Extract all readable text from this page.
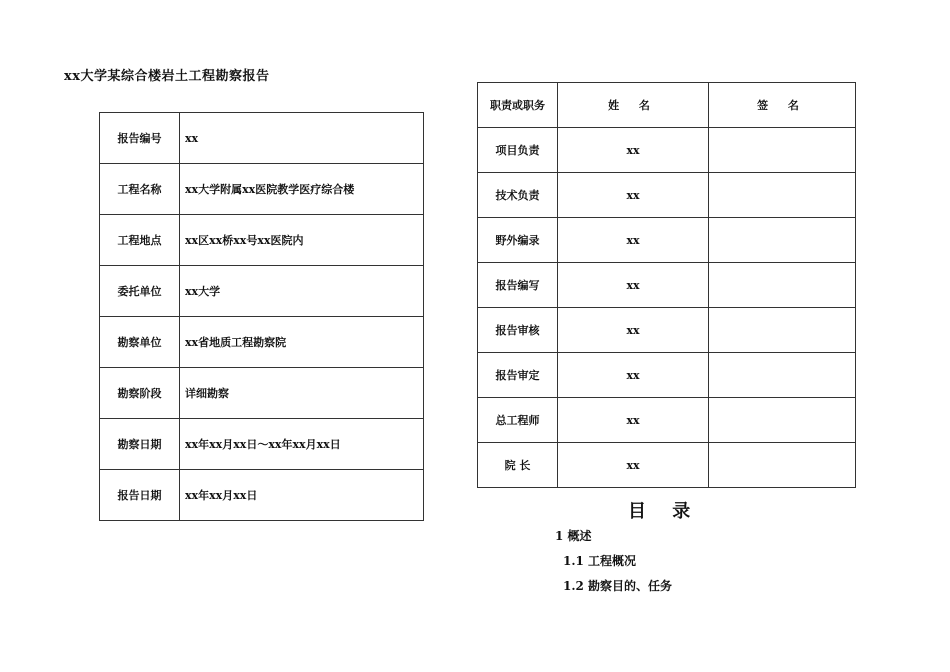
xx大学某综合楼岩土工程勘察报告
报告编号	xx
工程名称	xx大学附属xx医院教学医疗综合楼
工程地点	xx区xx桥xx号xx医院内
委托单位	xx大学
勘察单位	xx省地质工程勘察院
勘察阶段	详细勘察
勘察日期	xx年xx月xx日～xx年xx月xx日
报告日期	xx年xx月xx日
职责或职务	姓 名	签 名
项目负责	xx	
技术负责	xx	
野外编录	xx	
报告编写	xx	
报告审核	xx	
报告审定	xx	
总工程师	xx	
院 长	xx	
目 录
1 概述
1.1 工程概况
1.2 勘察目的、任务
